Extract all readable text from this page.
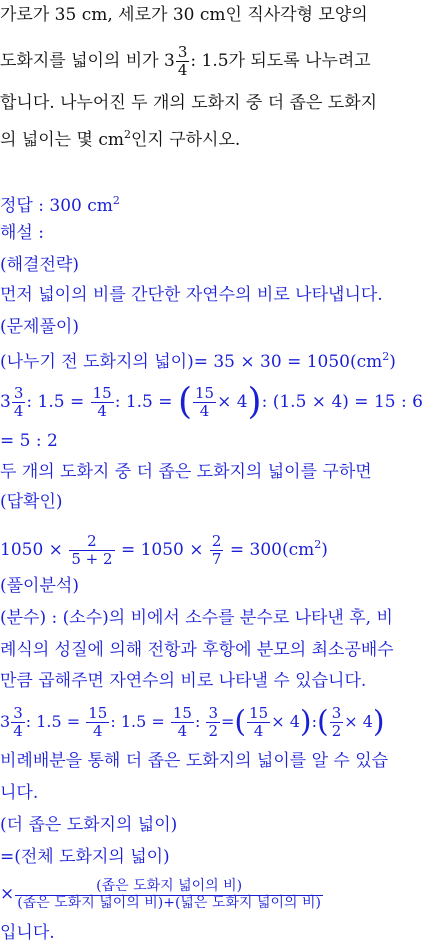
가로가 35 cm, 세로가 30 cm인 직사각형 모양의
도화지를 넓이의 비가 $3 \frac{3}{4}$ : 1.5가 되도록 나누려고
합니다. 나누어진 두 개의 도화지 중 더 좁은 도화지
의 넓이는 몇 $cm^2$인지 구하시오.
정답 : 300 $cm^2$
해설 :
(해결전략)
먼저 넓이의 비를 간단한 자연수의 비로 나타냅니다.
(문제풀이)
(나누기 전 도화지의 넓이)= $35 \times 30 = 1050(cm^2)$
$3 \frac{3}{4}$ : $1.5 = \frac{15}{4}$ : 1.5 = ( $\frac{15}{4} \times 4$): (1.5 × 4) = 15 : 6
= 5 : 2
두 개의 도화지 중 더 좁은 도화지의 넓이를 구하면
(답확인)
$1050 \times \frac{2}{5 + 2} = 1050 \times \frac{2}{7} = 300(cm^2)$
(풀이분석)
(분수) : (소수)의 비에서 소수를 분수로 나타낸 후, 비
례식의 성질에 의해 전항과 후항에 분모의 최소공배수
만큼 곱해주면 자연수의 비로 나타낼 수 있습니다.
$3 \frac{3}{4}$ : $1.5 = \frac{15}{4}$ : $1.5 = \frac{15}{4}$ : $\frac{3}{2}$ =( $\frac{15}{4}$ × 4):( $\frac{3}{2} \times 4$)
비례배분을 통해 더 좁은 도화지의 넓이를 알 수 있습
니다.
(더 좁은 도화지의 넓이)
=(전체 도화지의 넓이)
× $\frac{\text{(좁은 도화지 넓이의 비)}}{\text{(좁은 도화지 넓이의 비)+(넓은 도화지 넓이의 비)}}$
입니다.
